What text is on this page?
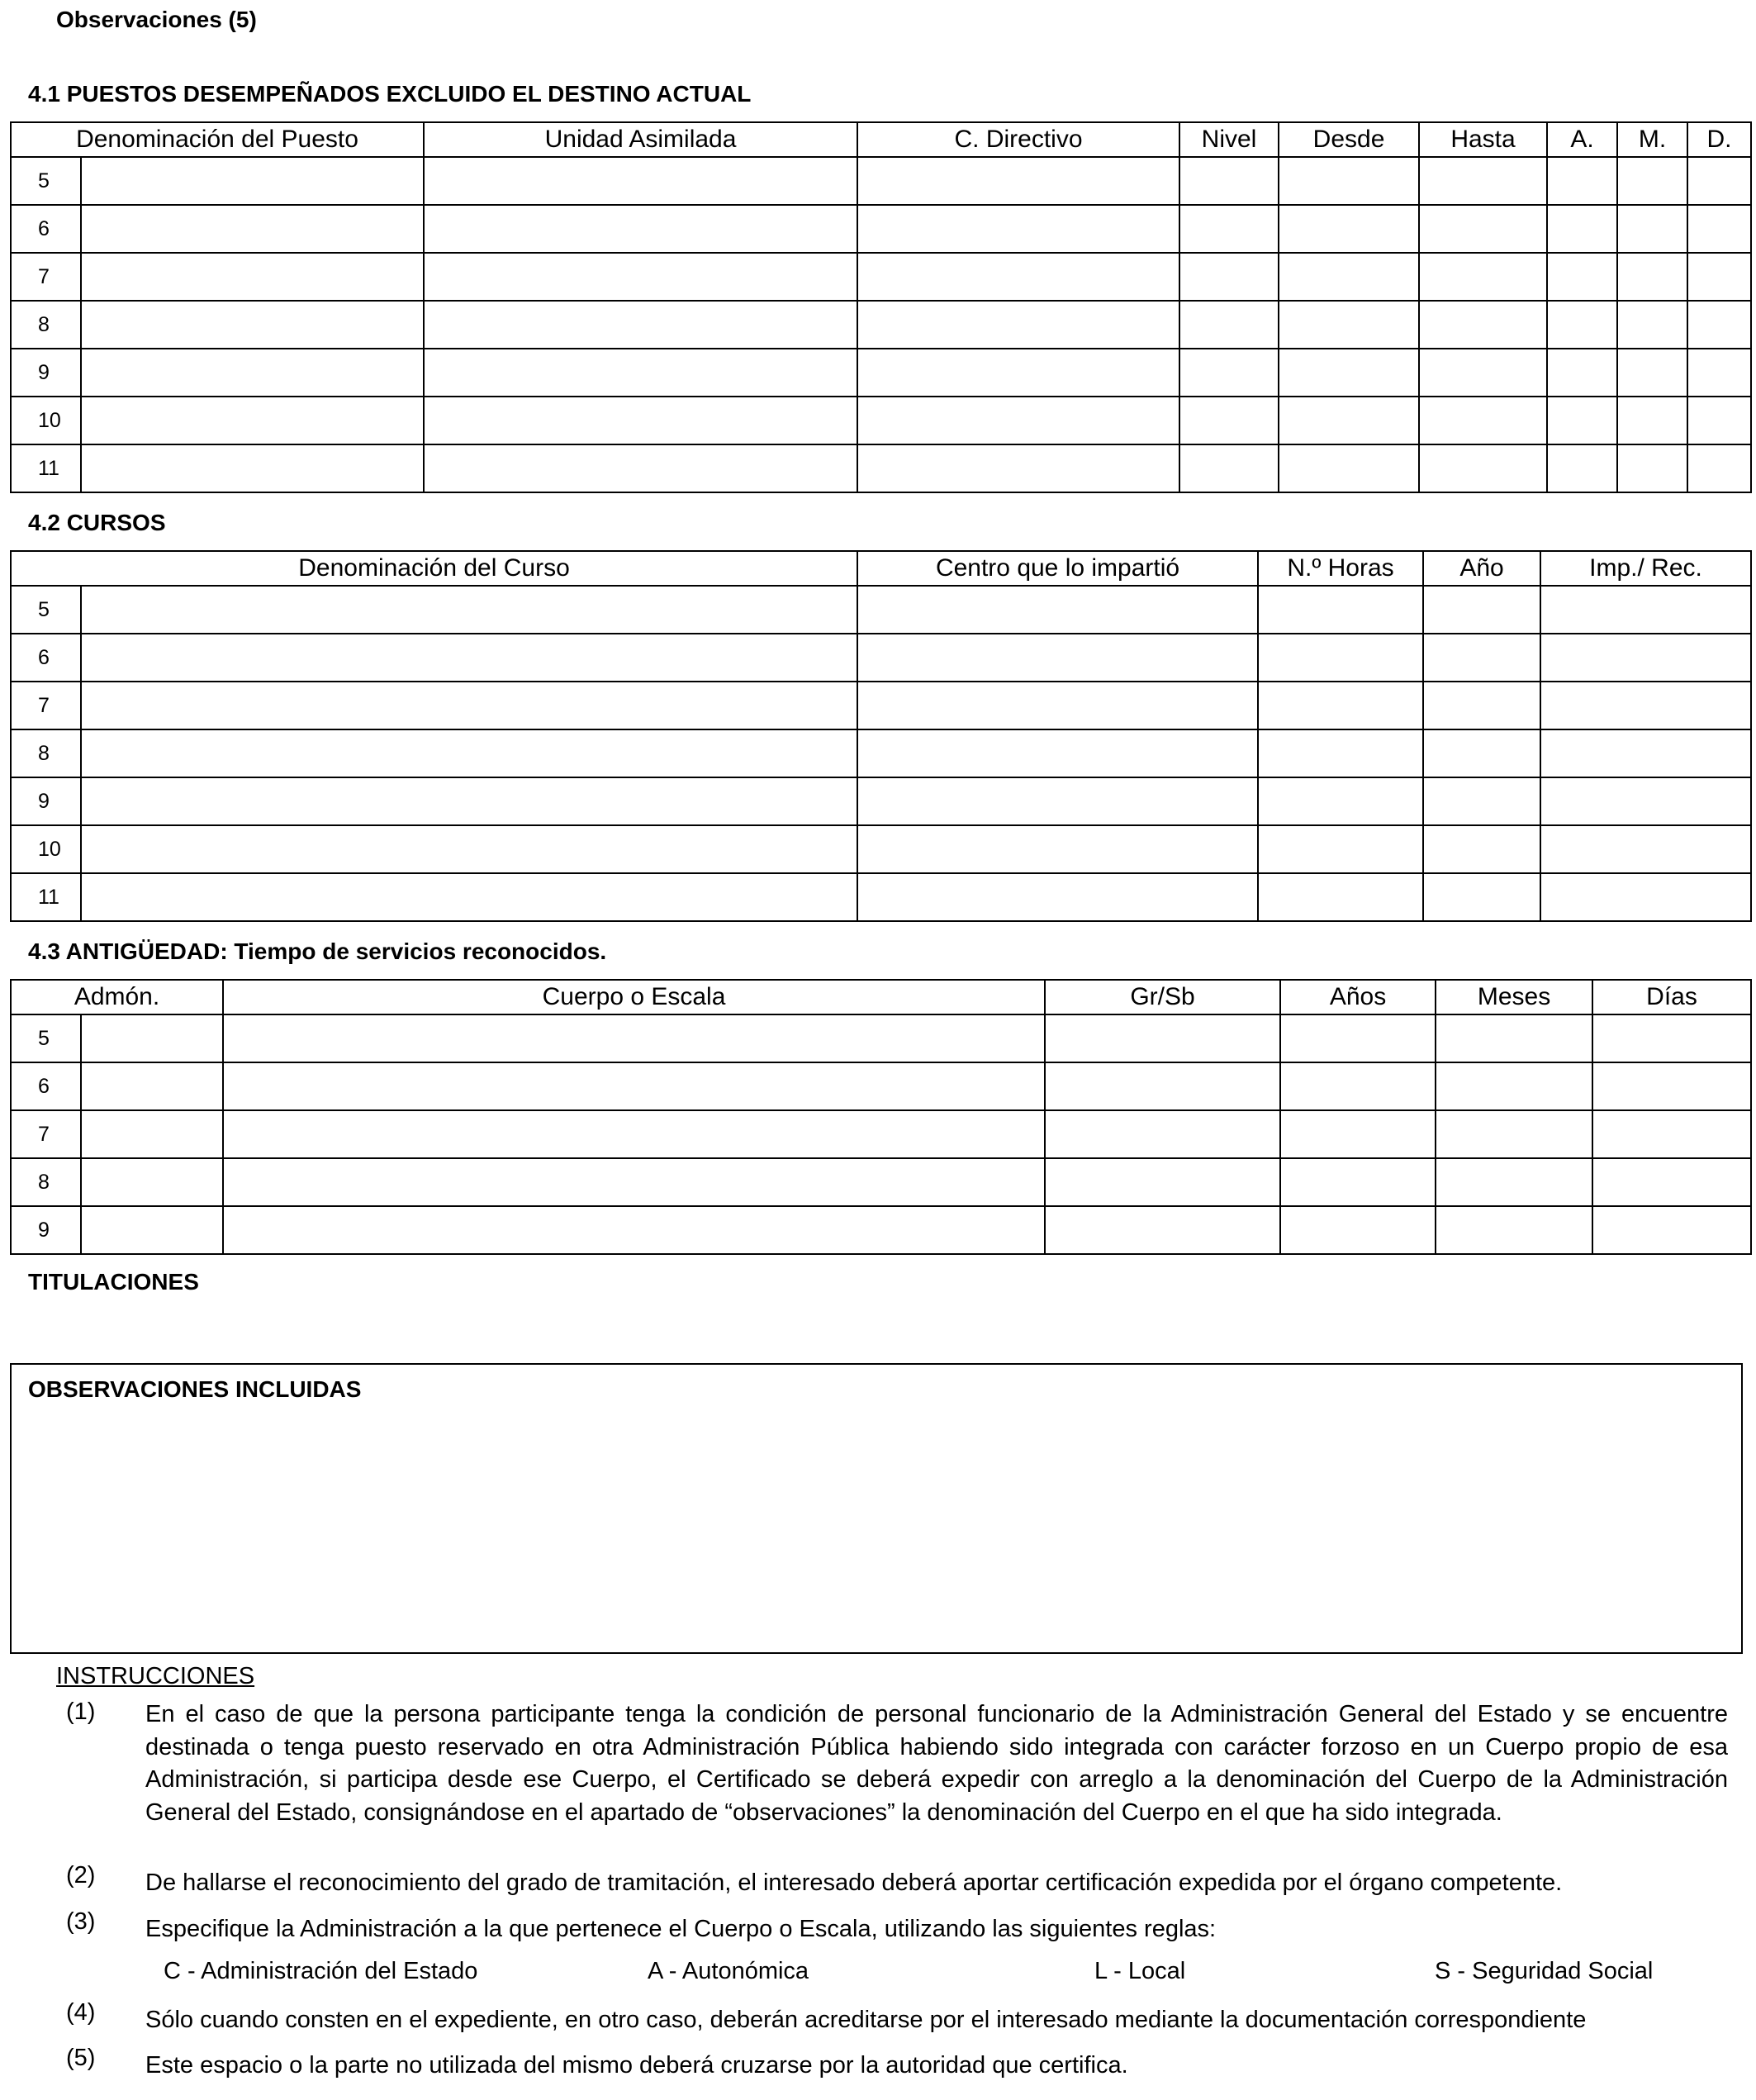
Observaciones (5)
4.1 PUESTOS DESEMPEÑADOS EXCLUIDO EL DESTINO ACTUAL
Denominación del Puesto		Unidad Asimilada	C. Directivo	Nivel	Desde	Hasta	A.	M.	D.
5									
6									
7									
8									
9									
10									
11									
4.2 CURSOS
Denominación del Curso		Centro que lo impartió	N.º Horas	Año	Imp./ Rec.
5					
6					
7					
8					
9					
10					
11					
4.3 ANTIGÜEDAD: Tiempo de servicios reconocidos.
Admón.		Cuerpo o Escala	Gr/Sb	Años	Meses	Días
5						
6						
7						
8						
9						
TITULACIONES
OBSERVACIONES INCLUIDAS
INSTRUCCIONES
(1) En el caso de que la persona participante tenga la condición de personal funcionario de la Administración General del Estado y se encuentre destinada o tenga puesto reservado en otra Administración Pública habiendo sido integrada con carácter forzoso en un Cuerpo propio de esa Administración, si participa desde ese Cuerpo, el Certificado se deberá expedir con arreglo a la denominación del Cuerpo de la Administración General del Estado, consignándose en el apartado de “observaciones” la denominación del Cuerpo en el que ha sido integrada.
(2) De hallarse el reconocimiento del grado de tramitación, el interesado deberá aportar certificación expedida por el órgano competente.
(3) Especifique la Administración a la que pertenece el Cuerpo o Escala, utilizando las siguientes reglas:
C - Administración del Estado	A - Autonómica	L - Local	S - Seguridad Social
(4) Sólo cuando consten en el expediente, en otro caso, deberán acreditarse por el interesado mediante la documentación correspondiente
(5) Este espacio o la parte no utilizada del mismo deberá cruzarse por la autoridad que certifica.
